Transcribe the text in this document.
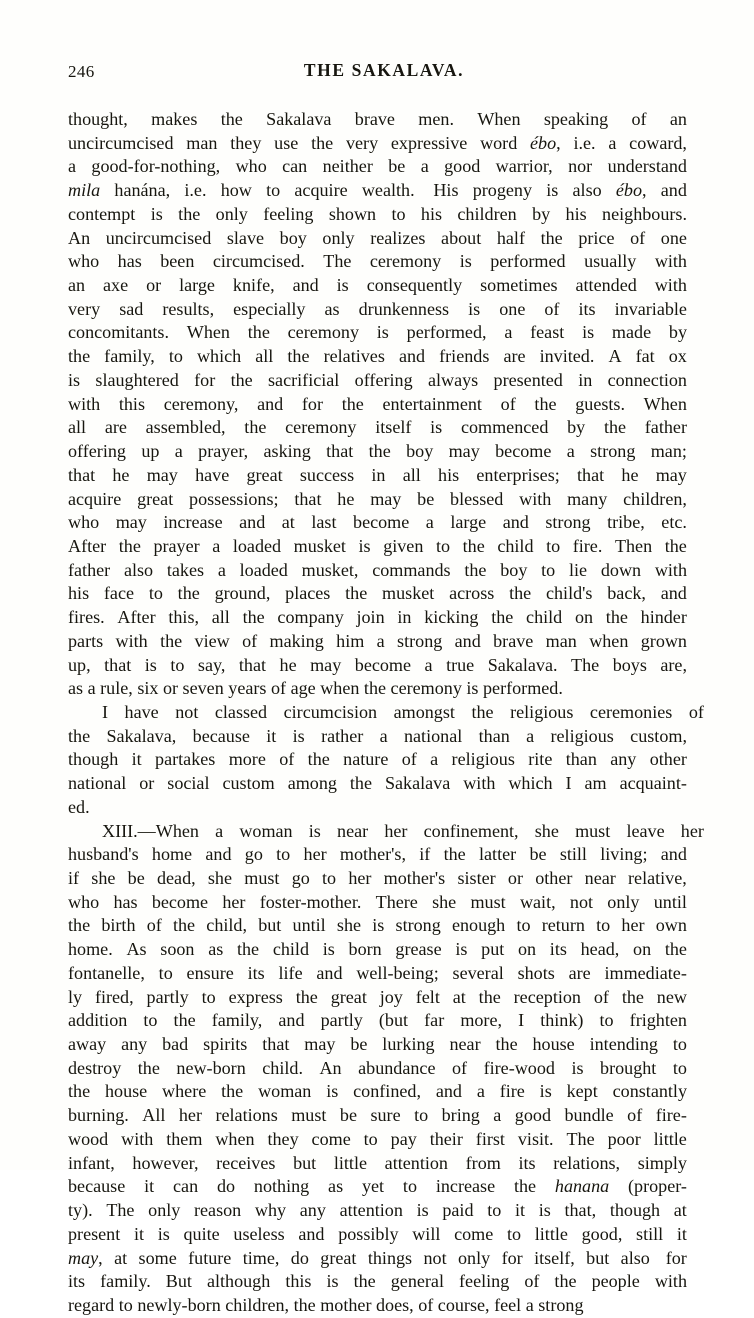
246	THE SAKALAVA.
thought, makes the Sakalava brave men. When speaking of an
uncircumcised man they use the very expressive word ébo, i.e. a coward,
a good-for-nothing, who can neither be a good warrior, nor understand
mila hanána, i.e. how to acquire wealth. His progeny is also ébo, and
contempt is the only feeling shown to his children by his neighbours.
An uncircumcised slave boy only realizes about half the price of one
who has been circumcised. The ceremony is performed usually with
an axe or large knife, and is consequently sometimes attended with
very sad results, especially as drunkenness is one of its invariable
concomitants. When the ceremony is performed, a feast is made by
the family, to which all the relatives and friends are invited. A fat ox
is slaughtered for the sacrificial offering always presented in connection
with this ceremony, and for the entertainment of the guests. When
all are assembled, the ceremony itself is commenced by the father
offering up a prayer, asking that the boy may become a strong man;
that he may have great success in all his enterprises; that he may
acquire great possessions; that he may be blessed with many children,
who may increase and at last become a large and strong tribe, etc.
After the prayer a loaded musket is given to the child to fire. Then the
father also takes a loaded musket, commands the boy to lie down with
his face to the ground, places the musket across the child's back, and
fires. After this, all the company join in kicking the child on the hinder
parts with the view of making him a strong and brave man when grown
up, that is to say, that he may become a true Sakalava. The boys are,
as a rule, six or seven years of age when the ceremony is performed.
I have not classed circumcision amongst the religious ceremonies of
the Sakalava, because it is rather a national than a religious custom,
though it partakes more of the nature of a religious rite than any other
national or social custom among the Sakalava with which I am acquaint-
ed.
XIII.—When a woman is near her confinement, she must leave her
husband's home and go to her mother's, if the latter be still living; and
if she be dead, she must go to her mother's sister or other near relative,
who has become her foster-mother. There she must wait, not only until
the birth of the child, but until she is strong enough to return to her own
home. As soon as the child is born grease is put on its head, on the
fontanelle, to ensure its life and well-being; several shots are immediate-
ly fired, partly to express the great joy felt at the reception of the new
addition to the family, and partly (but far more, I think) to frighten
away any bad spirits that may be lurking near the house intending to
destroy the new-born child. An abundance of fire-wood is brought to
the house where the woman is confined, and a fire is kept constantly
burning. All her relations must be sure to bring a good bundle of fire-
wood with them when they come to pay their first visit. The poor little
infant, however, receives but little attention from its relations, simply
because it can do nothing as yet to increase the hanana (proper-
ty). The only reason why any attention is paid to it is that, though at
present it is quite useless and possibly will come to little good, still it
may, at some future time, do great things not only for itself, but also for
its family. But although this is the general feeling of the people with
regard to newly-born children, the mother does, of course, feel a strong
